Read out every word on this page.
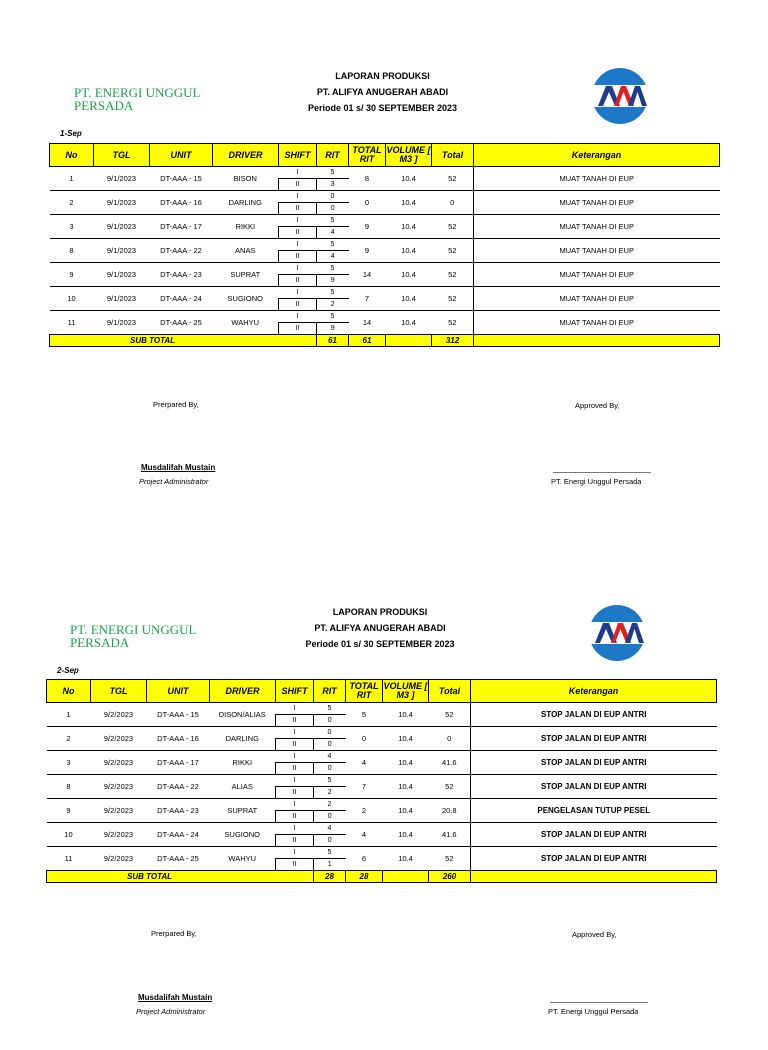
PT. ENERGI UNGGUL PERSADA
LAPORAN PRODUKSI
PT. ALIFYA ANUGERAH ABADI
Periode 01 s/ 30 SEPTEMBER 2023
1-Sep
No	TGL	UNIT	DRIVER	SHIFT	RIT	TOTAL RIT	VOLUME [ M3 ]	Total	Keterangan
1	9/1/2023	DT-AAA - 15	BISON	I	5	8	10.4	52	MUAT TANAH DI EUP
				II	3				
2	9/1/2023	DT-AAA - 16	DARLING	I	0	0	10.4	0	MUAT TANAH DI EUP
				II	0				
3	9/1/2023	DT-AAA - 17	RIKKI	I	5	9	10.4	52	MUAT TANAH DI EUP
				II	4				
8	9/1/2023	DT-AAA - 22	ANAS	I	5	9	10.4	52	MUAT TANAH DI EUP
				II	4				
9	9/1/2023	DT-AAA - 23	SUPRAT	I	5	14	10.4	52	MUAT TANAH DI EUP
				II	9				
10	9/1/2023	DT-AAA - 24	SUGIONO	I	5	7	10.4	52	MUAT TANAH DI EUP
				II	2				
11	9/1/2023	DT-AAA - 25	WAHYU	I	5	14	10.4	52	MUAT TANAH DI EUP
				II	9				
SUB TOTAL					61	61		312	
Prerpared By,	Approved By,
Musdalifah Mustain
Project Administrator	PT. Energi Unggul Persada
PT. ENERGI UNGGUL PERSADA
LAPORAN PRODUKSI
PT. ALIFYA ANUGERAH ABADI
Periode 01 s/ 30 SEPTEMBER 2023
2-Sep
No	TGL	UNIT	DRIVER	SHIFT	RIT	TOTAL RIT	VOLUME [ M3 ]	Total	Keterangan
1	9/2/2023	DT-AAA - 15	DISON/ALIAS	I	5	5	10.4	52	STOP JALAN DI EUP ANTRI
				II	0				
2	9/2/2023	DT-AAA - 16	DARLING	I	0	0	10.4	0	STOP JALAN DI EUP ANTRI
				II	0				
3	9/2/2023	DT-AAA - 17	RIKKI	I	4	4	10.4	41.6	STOP JALAN DI EUP ANTRI
				II	0				
8	9/2/2023	DT-AAA - 22	ALIAS	I	5	7	10.4	52	STOP JALAN DI EUP ANTRI
				II	2				
9	9/2/2023	DT-AAA - 23	SUPRAT	I	2	2	10.4	20.8	PENGELASAN TUTUP PESEL
				II	0				
10	9/2/2023	DT-AAA - 24	SUGIONO	I	4	4	10.4	41.6	STOP JALAN DI EUP ANTRI
				II	0				
11	9/2/2023	DT-AAA - 25	WAHYU	I	5	6	10.4	52	STOP JALAN DI EUP ANTRI
				II	1				
SUB TOTAL					28	28		260	
Prerpared By,	Approved By,
Musdalifah Mustain
Project Administrator	PT. Energi Unggul Persada
